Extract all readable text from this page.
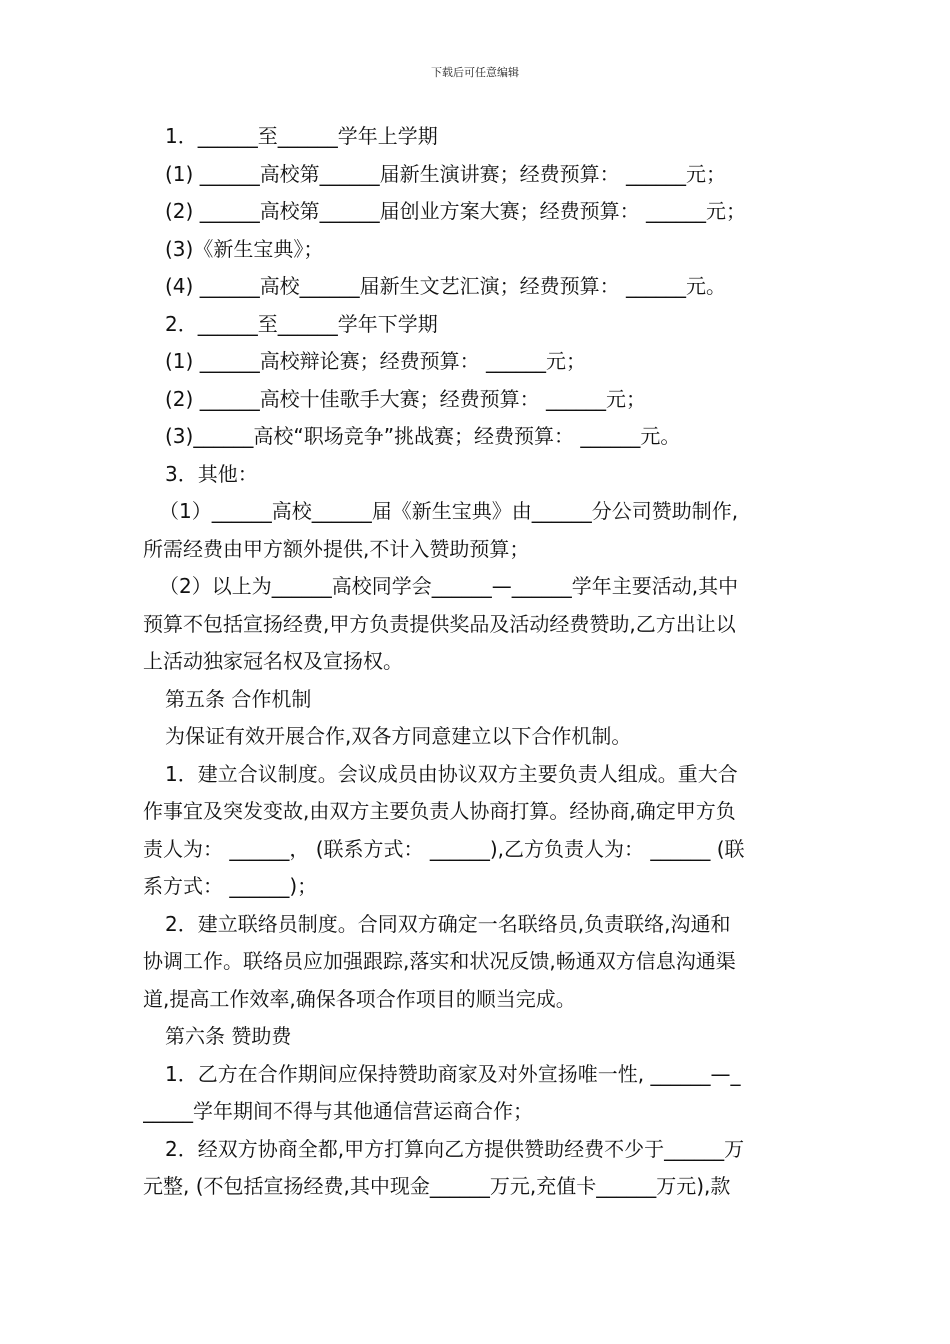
下载后可任意编辑
1．______至______学年上学期
(1) ______高校第______届新生演讲赛；经费预算： ______元；
(2) ______高校第______届创业方案大赛；经费预算： ______元；
(3)《新生宝典》；
(4) ______高校______届新生文艺汇演；经费预算： ______元。
2．______至______学年下学期
(1) ______高校辩论赛；经费预算： ______元；
(2) ______高校十佳歌手大赛；经费预算： ______元；
(3)______高校“职场竞争”挑战赛；经费预算： ______元。
3．其他：
（1）______高校______届《新生宝典》由______分公司赞助制作,
所需经费由甲方额外提供,不计入赞助预算；
（2）以上为______高校同学会______—______学年主要活动,其中
预算不包括宣扬经费,甲方负责提供奖品及活动经费赞助,乙方出让以
上活动独家冠名权及宣扬权。
第五条 合作机制
为保证有效开展合作,双各方同意建立以下合作机制。
1．建立合议制度。会议成员由协议双方主要负责人组成。重大合
作事宜及突发变故,由双方主要负责人协商打算。经协商,确定甲方负
责人为： ______， (联系方式： ______),乙方负责人为： ______ (联
系方式： ______)；
2．建立联络员制度。合同双方确定一名联络员,负责联络,沟通和
协调工作。联络员应加强跟踪,落实和状况反馈,畅通双方信息沟通渠
道,提高工作效率,确保各项合作项目的顺当完成。
第六条 赞助费
1．乙方在合作期间应保持赞助商家及对外宣扬唯一性, ______—_
_____学年期间不得与其他通信营运商合作；
2．经双方协商全都,甲方打算向乙方提供赞助经费不少于______万
元整, (不包括宣扬经费,其中现金______万元,充值卡______万元),款
